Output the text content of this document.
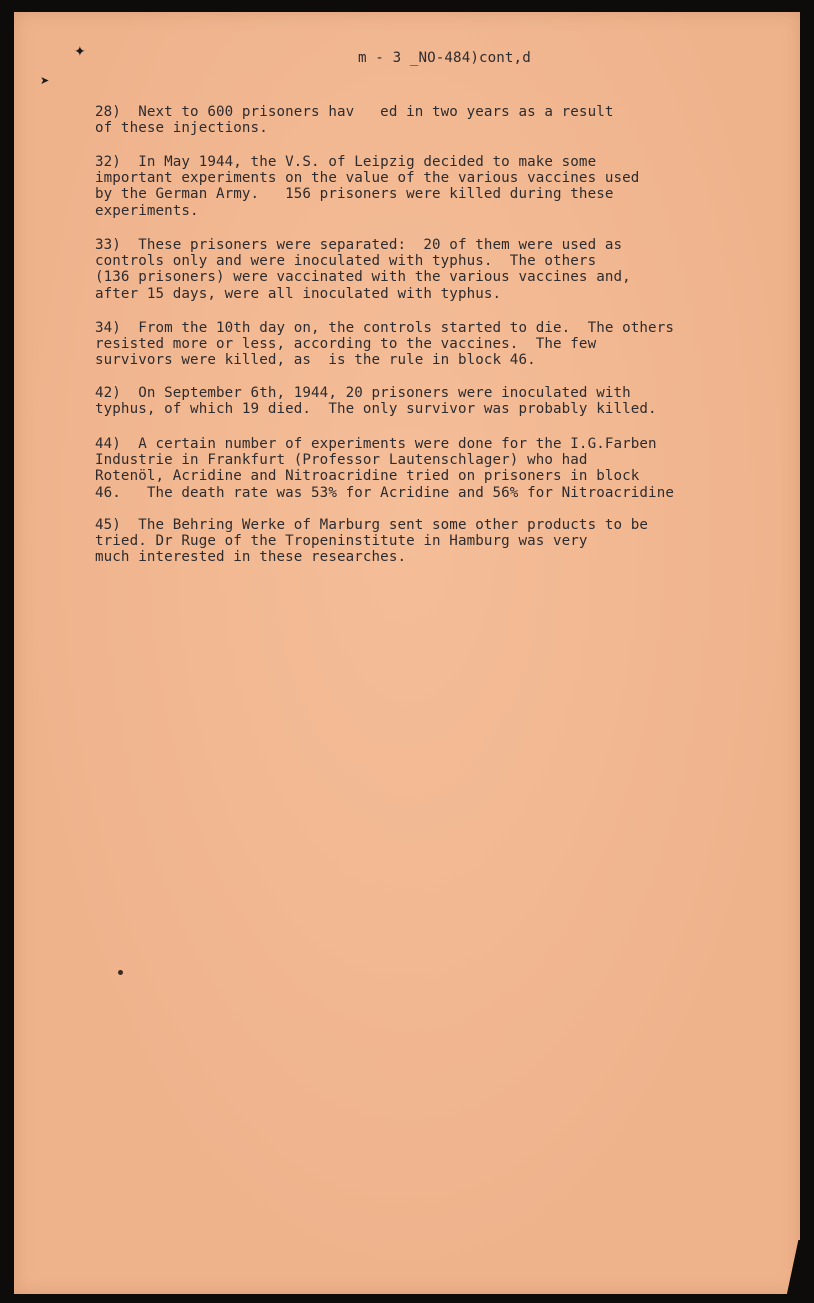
✦
➤
m - 3 _NO-484)cont,d
28)  Next to 600 prisoners hav   ed in two years as a result
of these injections.
32)  In May 1944, the V.S. of Leipzig decided to make some
important experiments on the value of the various vaccines used
by the German Army.   156 prisoners were killed during these
experiments.
33)  These prisoners were separated:  20 of them were used as
controls only and were inoculated with typhus.  The others
(136 prisoners) were vaccinated with the various vaccines and,
after 15 days, were all inoculated with typhus.
34)  From the 10th day on, the controls started to die.  The others
resisted more or less, according to the vaccines.  The few
survivors were killed, as  is the rule in block 46.
42)  On September 6th, 1944, 20 prisoners were inoculated with
typhus, of which 19 died.  The only survivor was probably killed.
44)  A certain number of experiments were done for the I.G.Farben
Industrie in Frankfurt (Professor Lautenschlager) who had
Rotenöl, Acridine and Nitroacridine tried on prisoners in block
46.   The death rate was 53% for Acridine and 56% for Nitroacridine
45)  The Behring Werke of Marburg sent some other products to be
tried. Dr Ruge of the Tropeninstitute in Hamburg was very
much interested in these researches.
